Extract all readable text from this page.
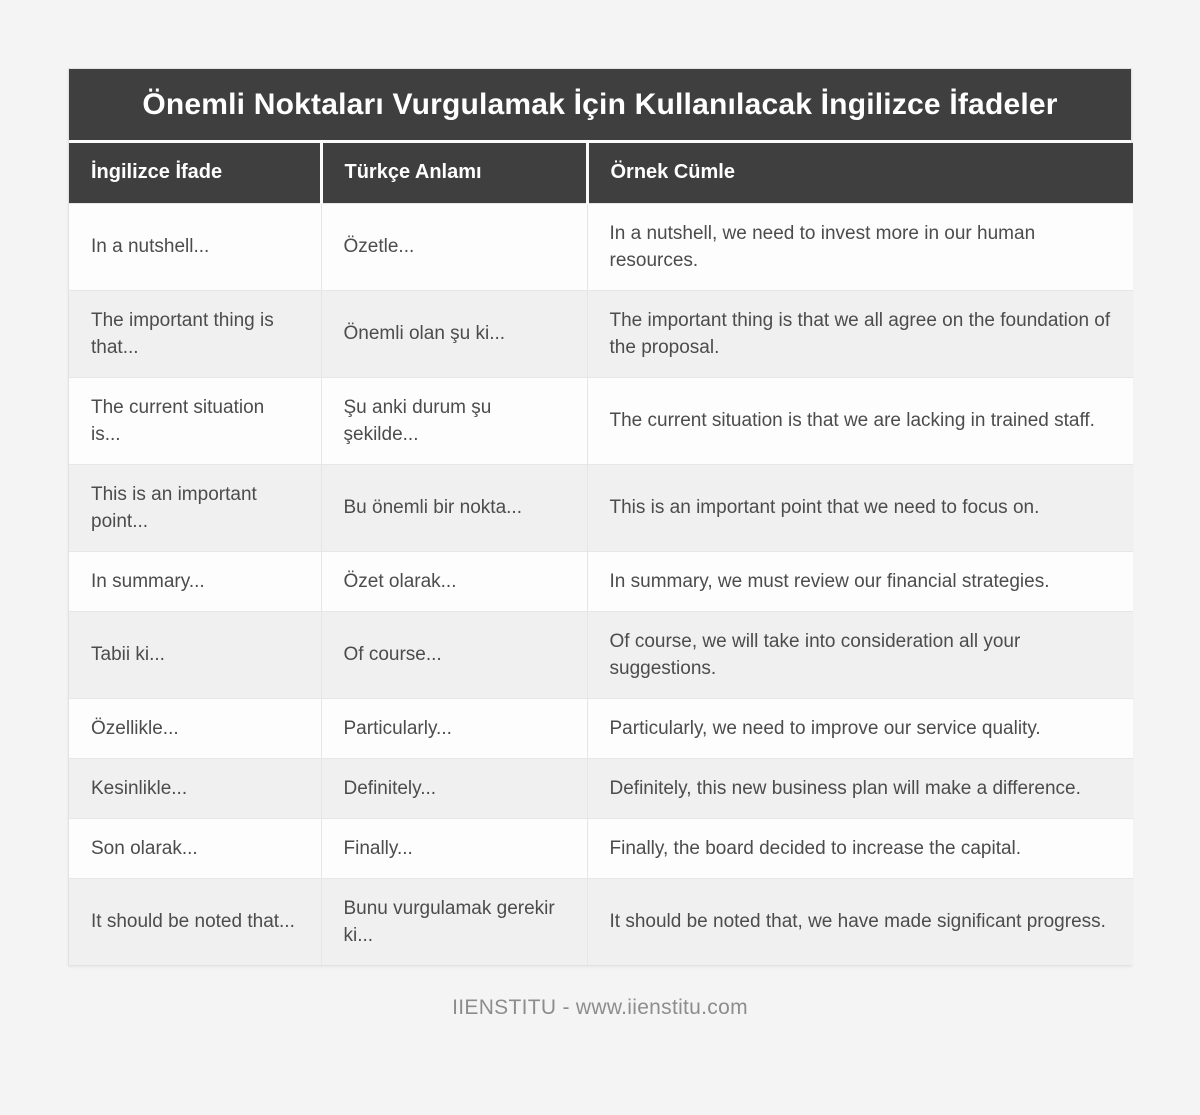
Önemli Noktaları Vurgulamak İçin Kullanılacak İngilizce İfadeler
İngilizce İfade	Türkçe Anlamı	Örnek Cümle
In a nutshell...	Özetle...	In a nutshell, we need to invest more in our human resources.
The important thing is that...	Önemli olan şu ki...	The important thing is that we all agree on the foundation of the proposal.
The current situation is...	Şu anki durum şu şekilde...	The current situation is that we are lacking in trained staff.
This is an important point...	Bu önemli bir nokta...	This is an important point that we need to focus on.
In summary...	Özet olarak...	In summary, we must review our financial strategies.
Tabii ki...	Of course...	Of course, we will take into consideration all your suggestions.
Özellikle...	Particularly...	Particularly, we need to improve our service quality.
Kesinlikle...	Definitely...	Definitely, this new business plan will make a difference.
Son olarak...	Finally...	Finally, the board decided to increase the capital.
It should be noted that...	Bunu vurgulamak gerekir ki...	It should be noted that, we have made significant progress.
IIENSTITU - www.iienstitu.com
